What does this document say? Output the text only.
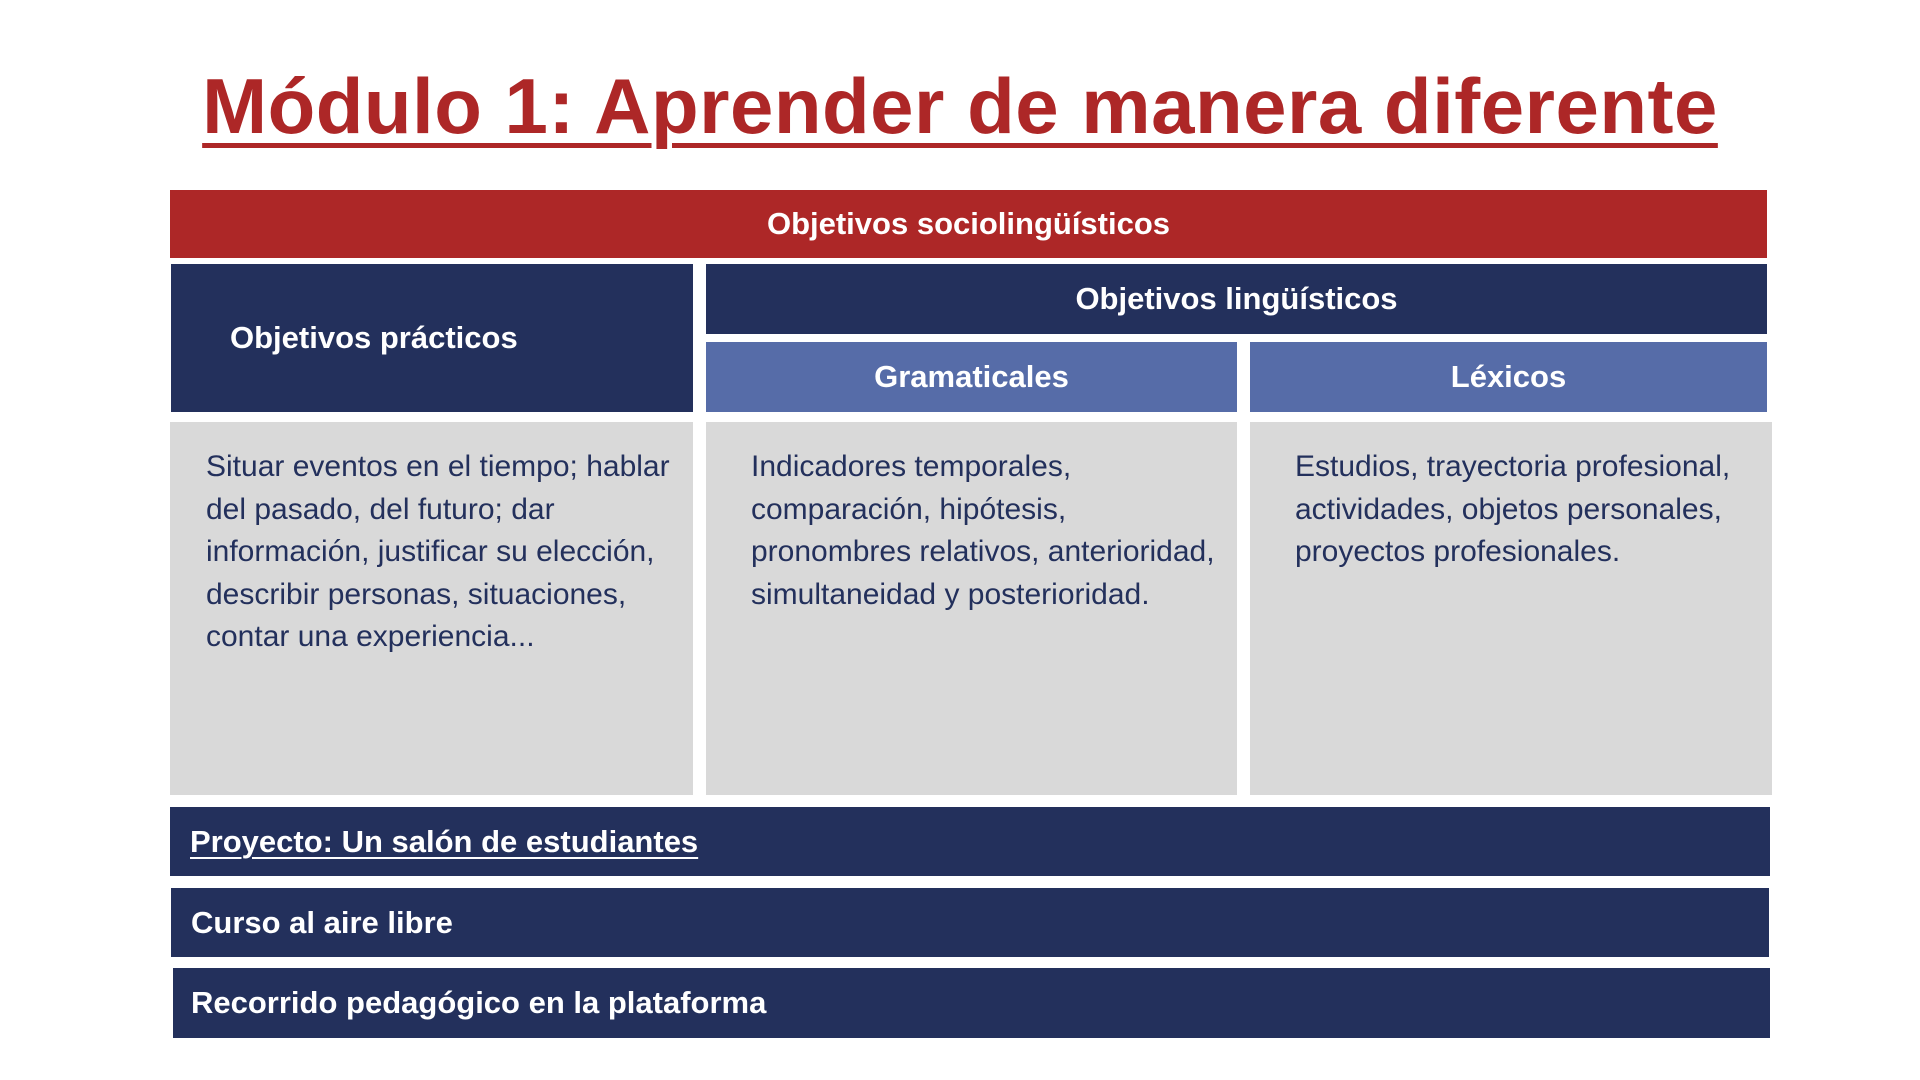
Módulo 1: Aprender de manera diferente
Objetivos sociolingüísticos
Objetivos prácticos
Objetivos lingüísticos
Gramaticales	Léxicos
Situar eventos en el tiempo; hablar del pasado, del futuro; dar información, justificar su elección, describir personas, situaciones, contar una experiencia...
Indicadores temporales, comparación, hipótesis, pronombres relativos, anterioridad, simultaneidad y posterioridad.
Estudios, trayectoria profesional, actividades, objetos personales, proyectos profesionales.
Proyecto: Un salón de estudiantes
Curso al aire libre
Recorrido pedagógico en la plataforma
